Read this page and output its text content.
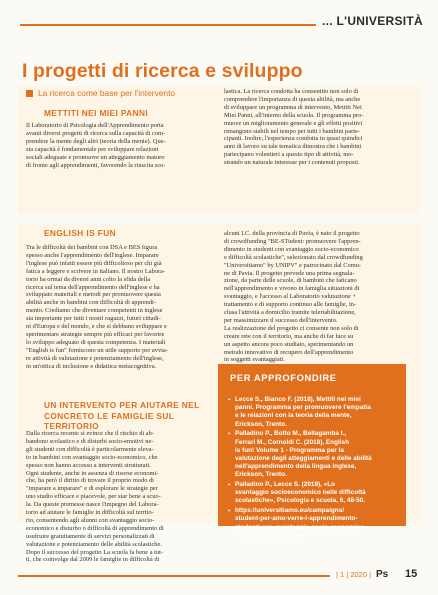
... L'UNIVERSITÀ
I progetti di ricerca e sviluppo
La ricerca come base per l'intervento
METTITI NEI MIEI PANNI
Il Laboratorio di Psicologia dell'Apprendimento porta
avanti diversi progetti di ricerca sulla capacità di com-
prendere la mente degli altri (teoria della mente). Que-
sta capacità è fondamentale per sviluppare relazioni
sociali adeguate e promuove un atteggiamento maturo
di fronte agli apprendimenti, favorendo la riuscita sco-
lastica. La ricerca condotta ha consentito non solo di
comprendere l'importanza di questa abilità, ma anche
di sviluppare un programma di intervento, Mettiti Nei
Miei Panni, all'interno della scuola. Il programma pro-
muove un miglioramento generale e gli effetti positivi
rimangono stabili nel tempo per tutti i bambini parte-
cipanti. Inoltre, l'esperienza condotta in quasi quindici
anni di lavoro su tale tematica dimostra che i bambini
partecipano volentieri a questo tipo di attività, mo-
strando un naturale interesse per i contenuti proposti.
ENGLISH IS FUN
Tra le difficoltà dei bambini con DSA e BES figura
spesso anche l'apprendimento dell'inglese. Imparare
l'inglese può infatti essere più difficoltoso per chi già
fatica a leggere e scrivere in italiano. Il nostro Labora-
torio ha ormai da diversi anni colto la sfida della
ricerca sul tema dell'apprendimento dell'inglese e ha
sviluppato materiali e metodi per promuovere questa
abilità anche in bambini con difficoltà di apprendi-
mento. Crediamo che diventare competenti in inglese
sia importante per tutti i nostri ragazzi, futuri cittadi-
ni d'Europa e del mondo, e che si debbano sviluppare e
sperimentare strategie sempre più efficaci per favorire
lo sviluppo adeguato di questa competenza. I materiali
"English is fun" forniscono un utile supporto per avvia-
re attività di valutazione e potenziamento dell'inglese,
in un'ottica di inclusione e didattica metacognitiva.
alcuni I.C. della provincia di Pavia, è nato il progetto
di crowdfunding "BE-STudent: promuovere l'appren-
dimento in studenti con svantaggio socio-economico
e difficoltà scolastiche", selezionato dal crowdfunding
"Universitiamo" by UNIPV" e patrocinato dal Comu-
ne di Pavia. Il progetto prevede una prima segnala-
zione, da parte delle scuole, di bambini che faticano
nell'apprendimento e vivono in famiglia situazioni di
svantaggio, e l'accesso al Laboratorio valutazione +
trattamento e di supporto continuo alle famiglie, in-
clusa l'attività a domicilio tramite teleriabilitazione,
per massimizzare il successo dell'intervento.
La realizzazione del progetto ci consente non solo di
creare rete con il territorio, ma anche di far luce su
un aspetto ancora poco studiato, sperimentando un
metodo innovativo di recupero dell'apprendimento
in soggetti svantaggiati.
UN INTERVENTO PER AIUTARE NEL CONCRETO LE FAMIGLIE SUL TERRITORIO
Dalla ricerca recente si evince che il rischio di ab-
bandono scolastico e di disturbi socio-emotivi ne-
gli studenti con difficoltà è particolarmente eleva-
to in bambini con svantaggio socio-economico, che
spesso non hanno accesso a interventi strutturati.
Ogni studente, anche in assenza di risorse economi-
che, ha però il diritto di trovare il proprio modo di
"imparare a imparare" e di esplorare le strategie per
uno studio efficace e piacevole, per star bene a scuo-
la. Da queste premesse nasce l'impegno del Labora-
torio ad aiutare le famiglie in difficoltà sul territo-
rio, consentendo agli alunni con svantaggio socio-
economico e disturbo o difficoltà di apprendimento di
usufruire gratuitamente di servizi personalizzati di
valutazione e potenziamento delle abilità scolastiche.
Dopo il successo del progetto La scuola fa bene a tut-
ti, che coinvolge dal 2009 le famiglie in difficoltà di
PER APPROFONDIRE
• Lecce S., Bianco F. (2018), Mettiti nei miei
panni. Programma per promuovere l'empatia
e le relazioni con la teoria della mente,
Erickson, Trento.
• Palladino P., Botto M., Bellagamba I.,
Ferrari M., Cornoldi C. (2018), English
is fun! Volume 1 - Programma per la
valutazione degli atteggiamenti e delle abilità
nell'apprendimento della lingua inglese,
Erickson, Trento.
• Palladino P., Lecce S. (2019), «Lo
svantaggio socioeconomico nelle difficoltà
scolastiche», Psicologia e scuola, 6, 48-50.
• https://universitiamo.eu/campaigns/
student-per-amo-verre-l-apprendimento-
studenti-con-svantaggio-socio-economico-
e-difficolta-scolastiche/
| 1 | 2020 | Ps 15
